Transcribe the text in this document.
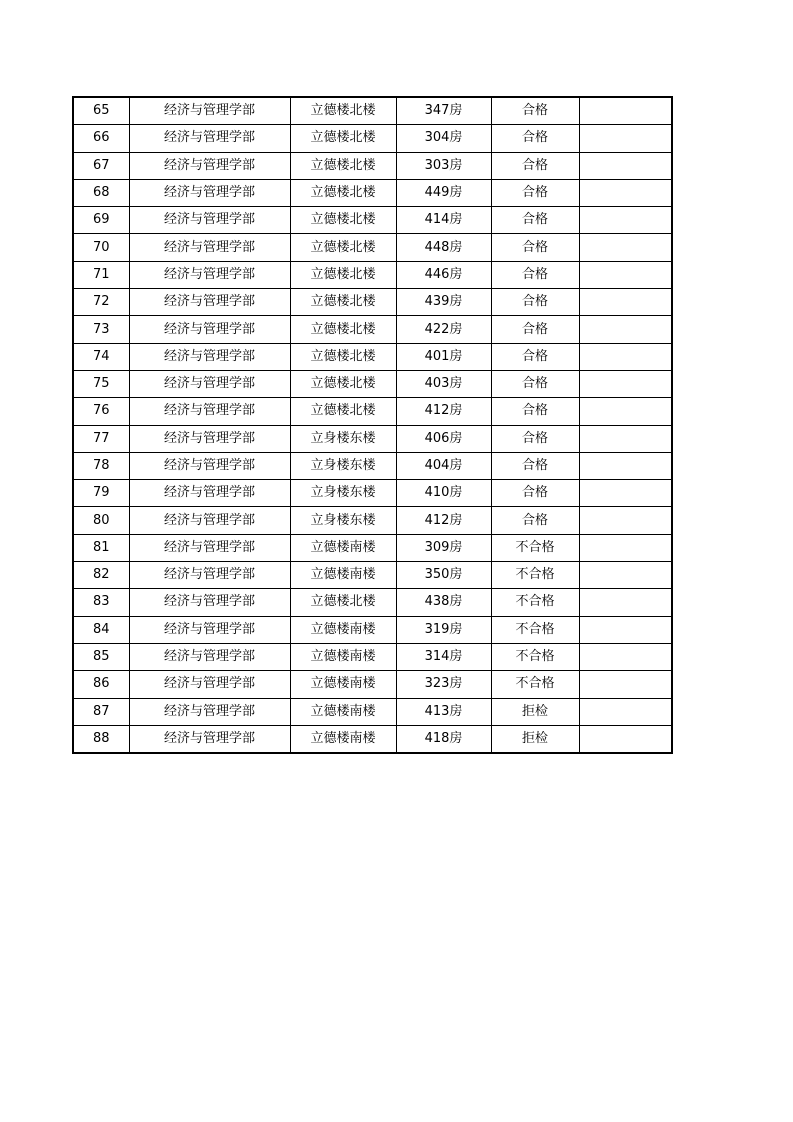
65	经济与管理学部	立德楼北楼	347房	合格	
66	经济与管理学部	立德楼北楼	304房	合格	
67	经济与管理学部	立德楼北楼	303房	合格	
68	经济与管理学部	立德楼北楼	449房	合格	
69	经济与管理学部	立德楼北楼	414房	合格	
70	经济与管理学部	立德楼北楼	448房	合格	
71	经济与管理学部	立德楼北楼	446房	合格	
72	经济与管理学部	立德楼北楼	439房	合格	
73	经济与管理学部	立德楼北楼	422房	合格	
74	经济与管理学部	立德楼北楼	401房	合格	
75	经济与管理学部	立德楼北楼	403房	合格	
76	经济与管理学部	立德楼北楼	412房	合格	
77	经济与管理学部	立身楼东楼	406房	合格	
78	经济与管理学部	立身楼东楼	404房	合格	
79	经济与管理学部	立身楼东楼	410房	合格	
80	经济与管理学部	立身楼东楼	412房	合格	
81	经济与管理学部	立德楼南楼	309房	不合格	
82	经济与管理学部	立德楼南楼	350房	不合格	
83	经济与管理学部	立德楼北楼	438房	不合格	
84	经济与管理学部	立德楼南楼	319房	不合格	
85	经济与管理学部	立德楼南楼	314房	不合格	
86	经济与管理学部	立德楼南楼	323房	不合格	
87	经济与管理学部	立德楼南楼	413房	拒检	
88	经济与管理学部	立德楼南楼	418房	拒检	
